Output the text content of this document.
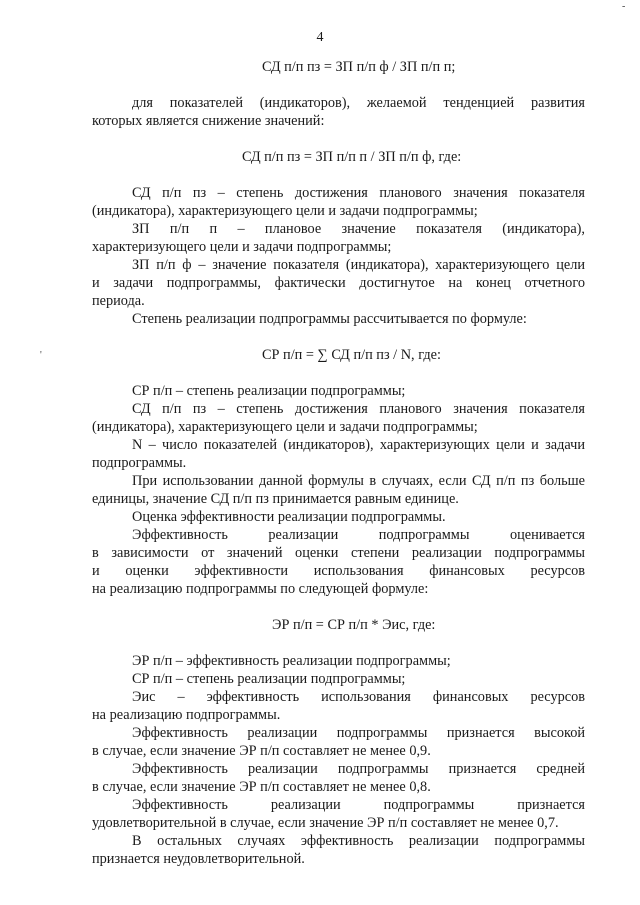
-
'
4
СД п/п пз = ЗП п/п ф / ЗП п/п п;
для показателей (индикаторов), желаемой тенденцией развития
которых является снижение значений:
СД п/п пз = ЗП п/п п / ЗП п/п ф, где:
СД п/п пз – степень достижения планового значения показателя
(индикатора), характеризующего цели и задачи подпрограммы;
ЗП п/п п – плановое значение показателя (индикатора),
характеризующего цели и задачи подпрограммы;
ЗП п/п ф – значение показателя (индикатора), характеризующего цели
и задачи подпрограммы, фактически достигнутое на конец отчетного
периода.
Степень реализации подпрограммы рассчитывается по формуле:
СР п/п = ∑ СД п/п пз / N, где:
СР п/п – степень реализации подпрограммы;
СД п/п пз – степень достижения планового значения показателя
(индикатора), характеризующего цели и задачи подпрограммы;
N – число показателей (индикаторов), характеризующих цели и задачи
подпрограммы.
При использовании данной формулы в случаях, если СД п/п пз больше
единицы, значение СД п/п пз принимается равным единице.
Оценка эффективности реализации подпрограммы.
Эффективность реализации подпрограммы оценивается
в зависимости от значений оценки степени реализации подпрограммы
и оценки эффективности использования финансовых ресурсов
на реализацию подпрограммы по следующей формуле:
ЭР п/п = СР п/п * Эис, где:
ЭР п/п – эффективность реализации подпрограммы;
СР п/п – степень реализации подпрограммы;
Эис – эффективность использования финансовых ресурсов
на реализацию подпрограммы.
Эффективность реализации подпрограммы признается высокой
в случае, если значение ЭР п/п составляет не менее 0,9.
Эффективность реализации подпрограммы признается средней
в случае, если значение ЭР п/п составляет не менее 0,8.
Эффективность реализации подпрограммы признается
удовлетворительной в случае, если значение ЭР п/п составляет не менее 0,7.
В остальных случаях эффективность реализации подпрограммы
признается неудовлетворительной.
